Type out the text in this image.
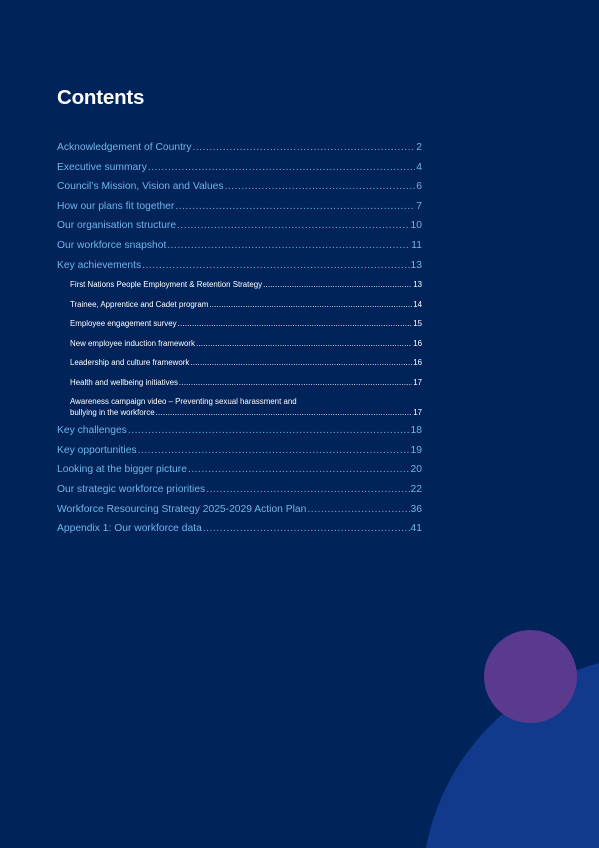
Contents
Acknowledgement of Country .....	2
Executive summary .....	4
Council’s Mission, Vision and Values .....	6
How our plans fit together .....	7
Our organisation structure .....	10
Our workforce snapshot .....	11
Key achievements .....	13
First Nations People Employment & Retention Strategy .....	13
Trainee, Apprentice and Cadet program .....	14
Employee engagement survey .....	15
New employee induction framework .....	16
Leadership and culture framework .....	16
Health and wellbeing initiatives .....	17
Awareness campaign video – Preventing sexual harassment and
bullying in the workforce .....	17
Key challenges .....	18
Key opportunities .....	19
Looking at the bigger picture .....	20
Our strategic workforce priorities .....	22
Workforce Resourcing Strategy 2025-2029 Action Plan .....	36
Appendix 1: Our workforce data .....	41
